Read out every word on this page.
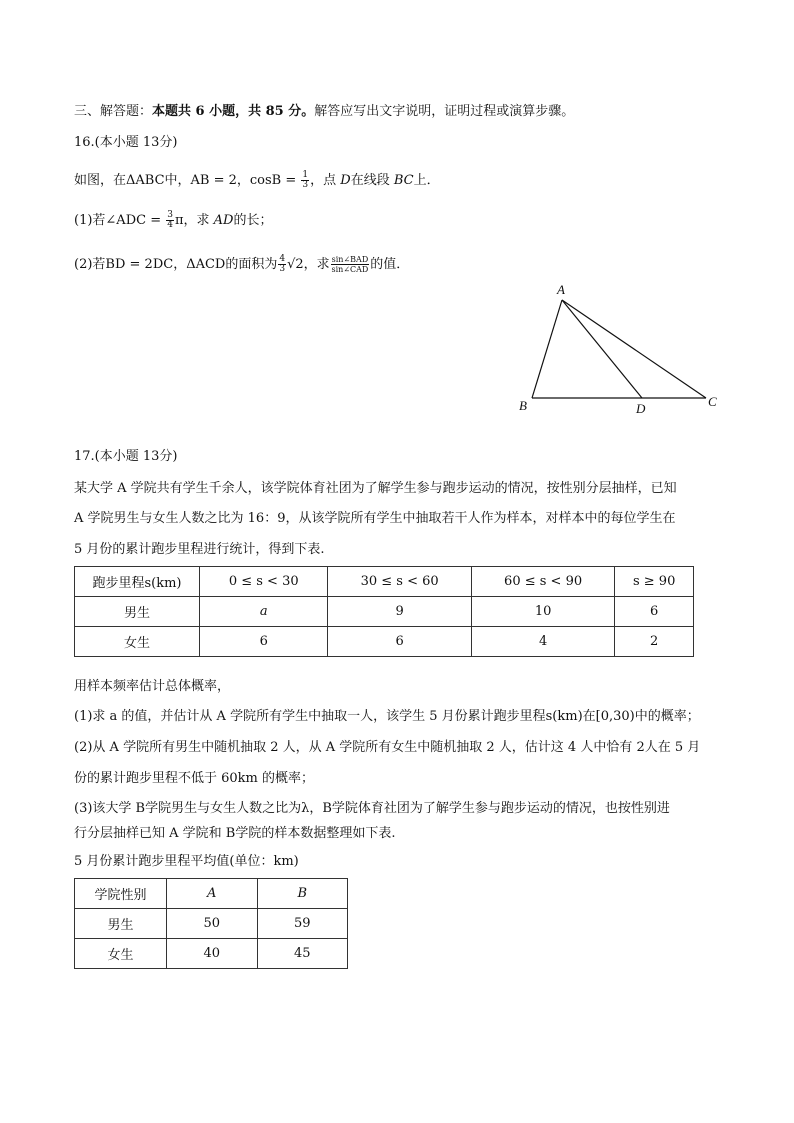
三、解答题：本题共 6 小题，共 85 分。解答应写出文字说明，证明过程或演算步骤。
16.(本小题 13分)
如图，在ΔABC中，AB = 2，$\cos B = \frac{1}{3}$ ，点 D在线段 BC上．
(1)若∠ADC = $\frac{3}{4}$ π，求 AD的长；
(2)若BD = 2DC，ΔACD的面积为 $\frac{4}{3} √2$，求 $\frac{\text{sin∠BAD}}{\text{sin∠CAD}}$ 的值．
A
B	C
D
17.(本小题 13分)
某大学 A 学院共有学生千余人，该学院体育社团为了解学生参与跑步运动的情况，按性别分层抽样，已知
A 学院男生与女生人数之比为 16：9，从该学院所有学生中抽取若干人作为样本，对样本中的每位学生在
5 月份的累计跑步里程进行统计，得到下表.
跑步里程s(km)	0 ≤ s < 30	30 ≤ s < 60	60 ≤ s < 90	s ≥ 90
男生	a	9	10	6
女生	6	6	4	2
用样本频率估计总体概率，
(1)求 a 的值，并估计从 A 学院所有学生中抽取一人，该学生 5 月份累计跑步里程s(km)在[0,30)中的概率；
(2)从 A 学院所有男生中随机抽取 2 人，从 A 学院所有女生中随机抽取 2 人，估计这 4 人中恰有 2人在 5 月
份的累计跑步里程不低于 60km 的概率；
(3)该大学 B学院男生与女生人数之比为λ，B学院体育社团为了解学生参与跑步运动的情况，也按性别进
行分层抽样已知 A 学院和 B学院的样本数据整理如下表.
5 月份累计跑步里程平均值(单位：km)
学院性别	A	B
男生	50	59
女生	40	45
